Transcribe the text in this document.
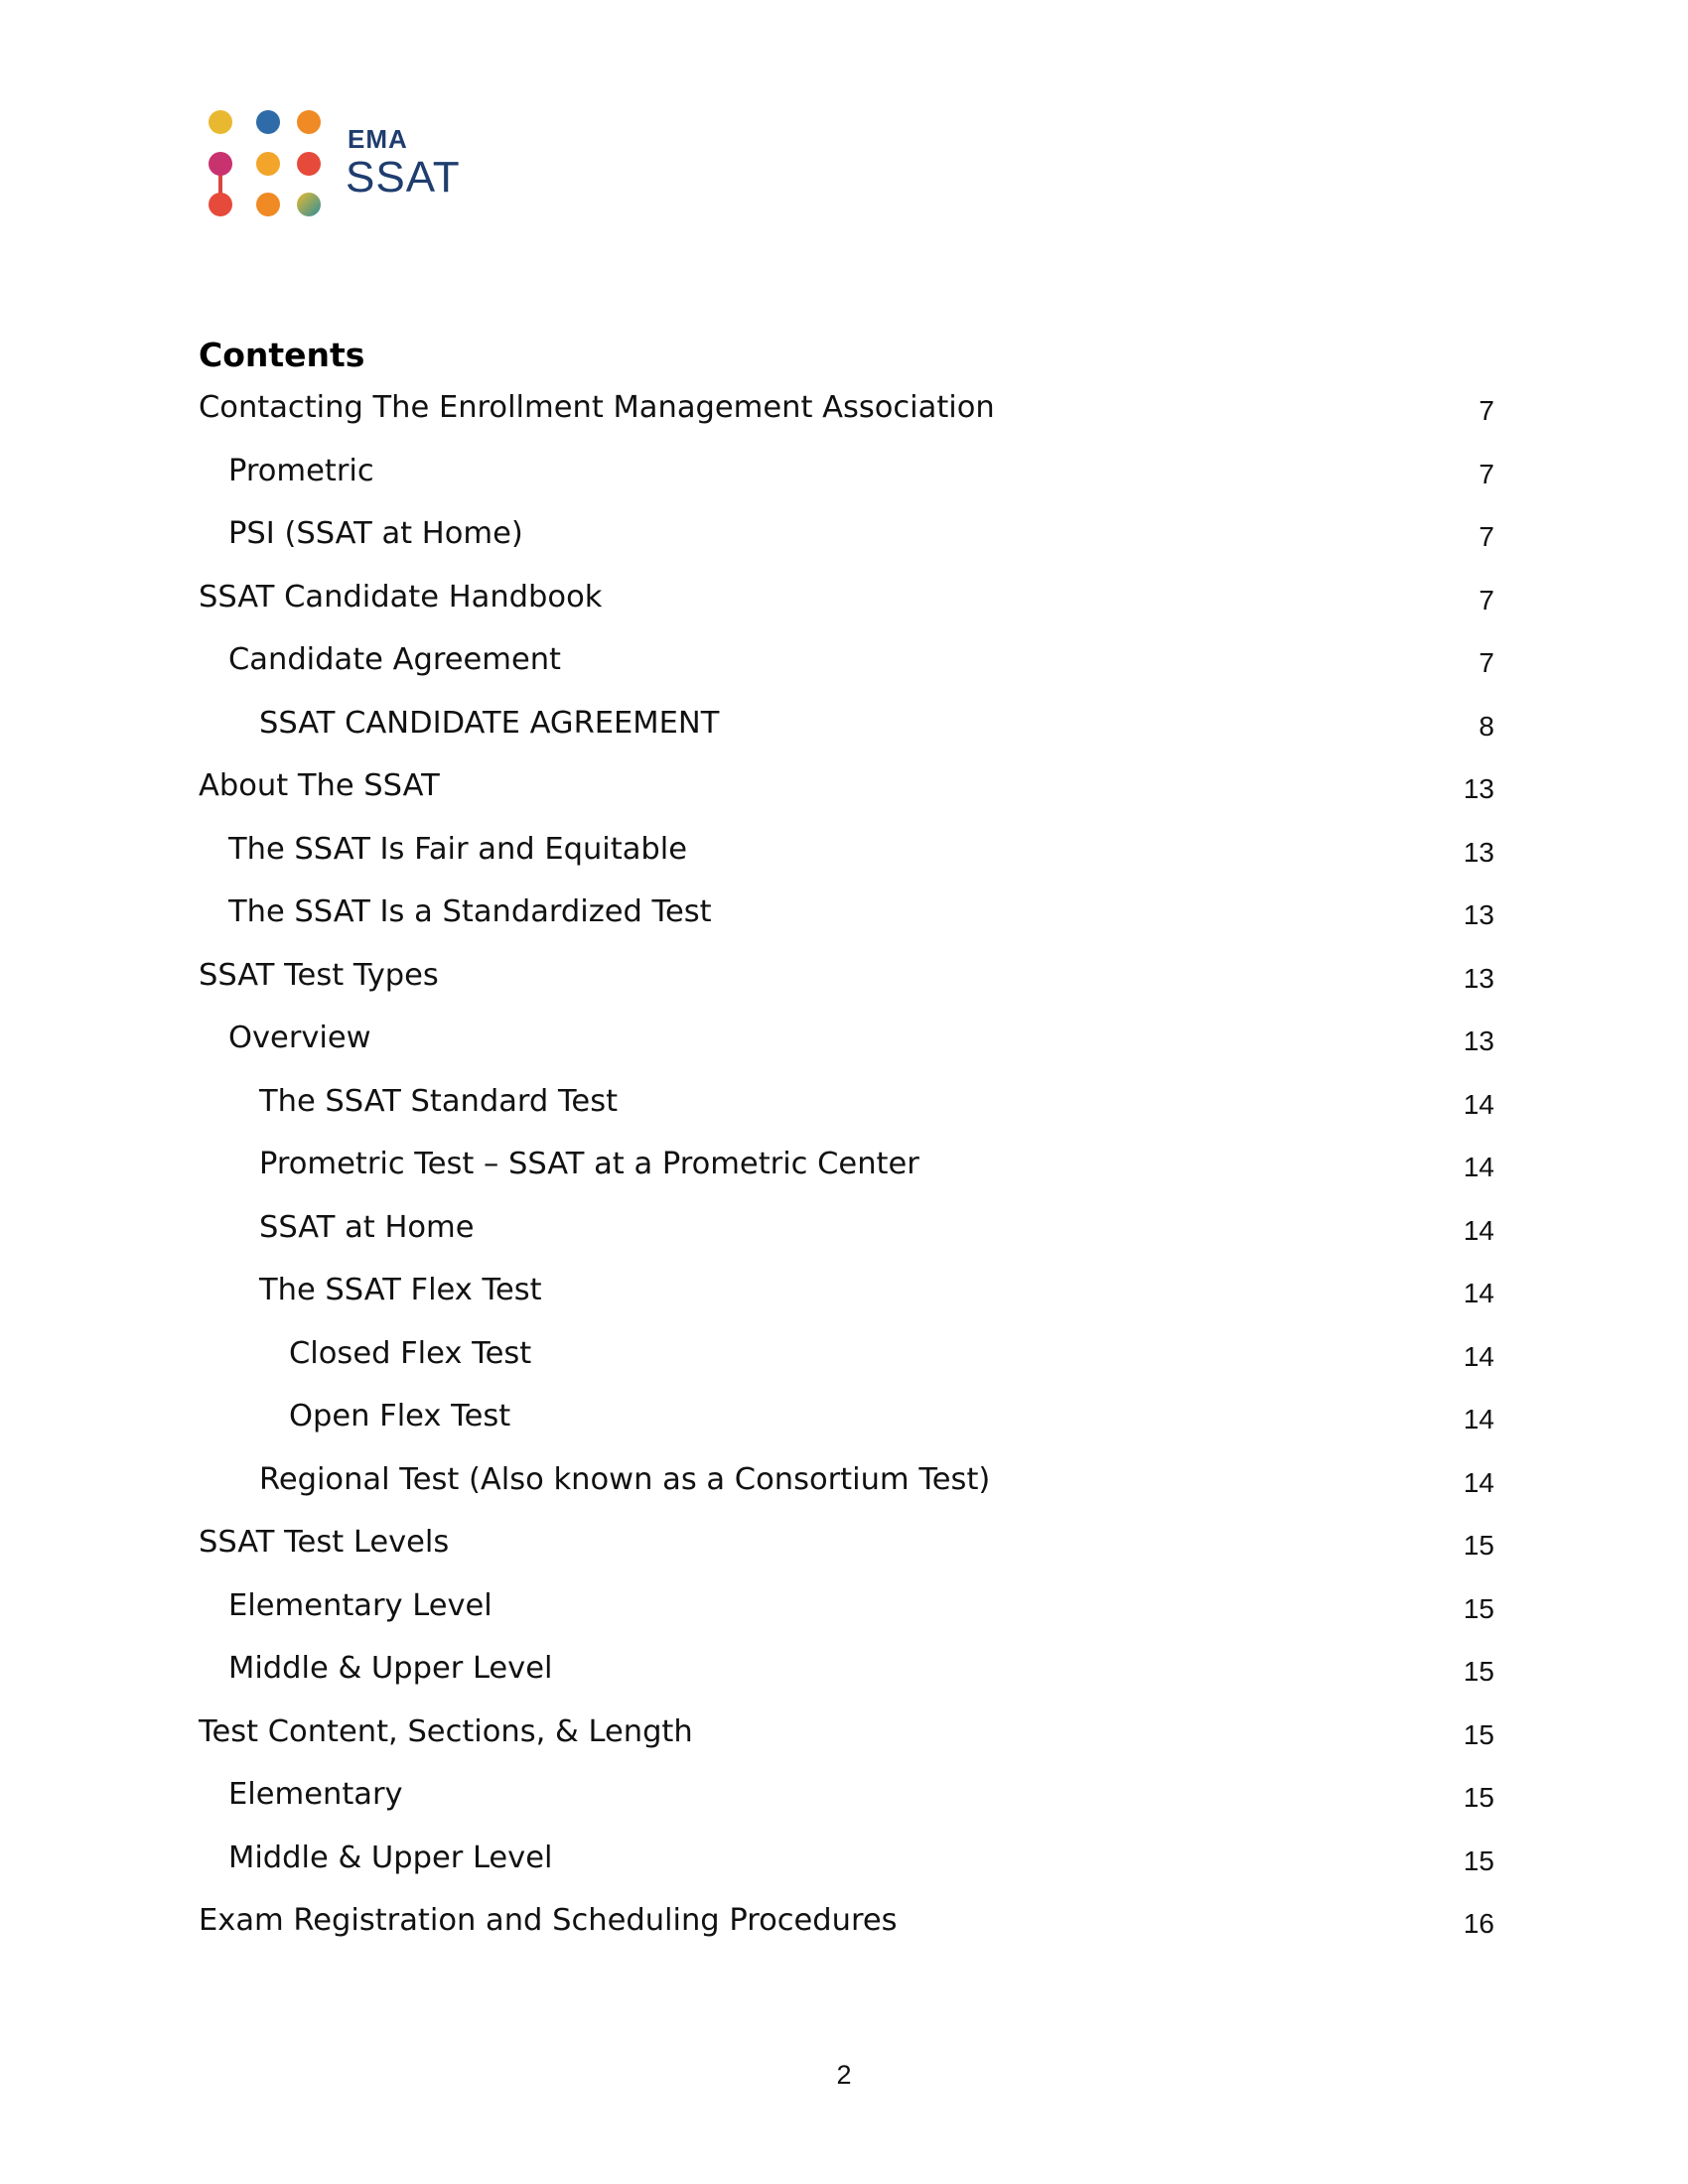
EMA
SSAT
Contents
Contacting The Enrollment Management Association	7
Prometric	7
PSI (SSAT at Home)	7
SSAT Candidate Handbook	7
Candidate Agreement	7
SSAT CANDIDATE AGREEMENT	8
About The SSAT	13
The SSAT Is Fair and Equitable	13
The SSAT Is a Standardized Test	13
SSAT Test Types	13
Overview	13
The SSAT Standard Test	14
Prometric Test – SSAT at a Prometric Center	14
SSAT at Home	14
The SSAT Flex Test	14
Closed Flex Test	14
Open Flex Test	14
Regional Test (Also known as a Consortium Test)	14
SSAT Test Levels	15
Elementary Level	15
Middle & Upper Level	15
Test Content, Sections, & Length	15
Elementary	15
Middle & Upper Level	15
Exam Registration and Scheduling Procedures	16
2
